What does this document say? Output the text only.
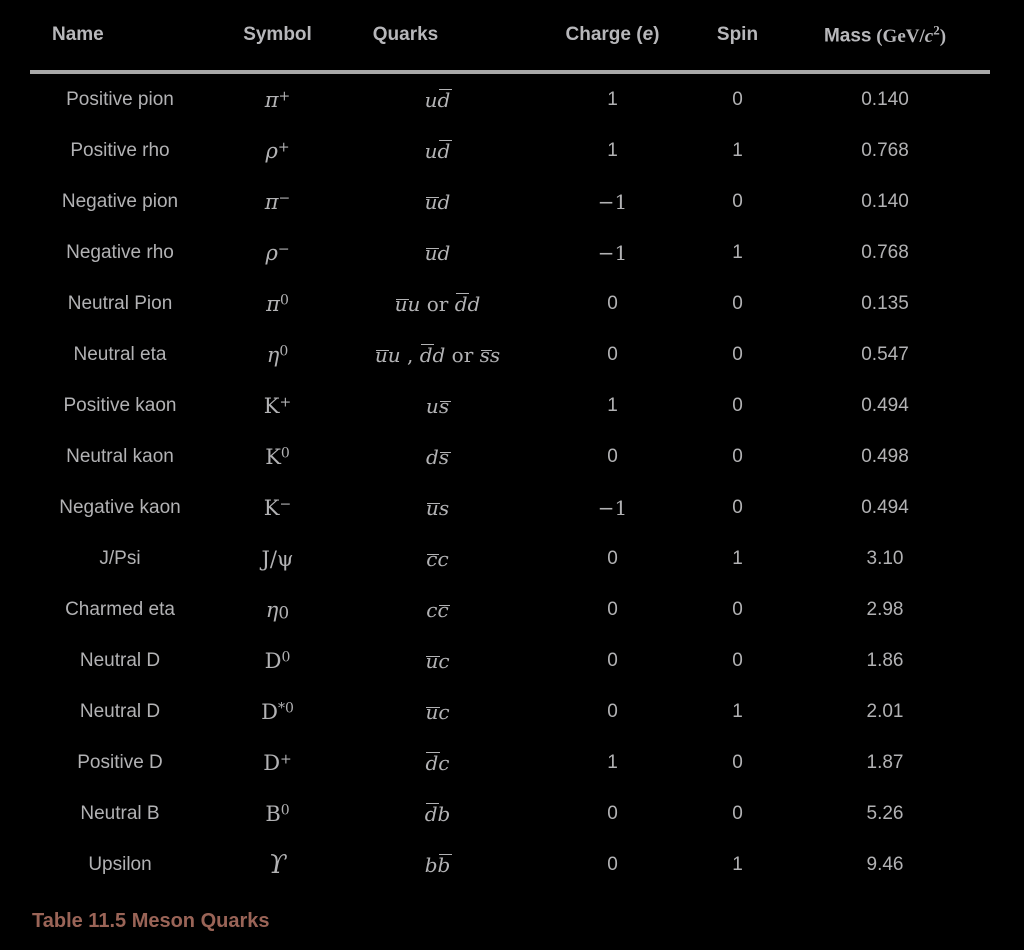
Name	Symbol	Quarks	Charge (e)	Spin	Mass $(GeV/c^2)$
Positive pion	π+	ud	1	0	0.140
Positive rho	ρ+	ud	1	1	0.768
Negative pion	π−	ud	−1	0	0.140
Negative rho	ρ−	ud	−1	1	0.768
Neutral Pion	$\pi^0$	uu or dd	0	0	0.135
Neutral eta	$\eta^0$	uu , dd or ss	0	0	0.547
Positive kaon	K+	us	1	0	0.494
Neutral kaon	$K^0$	ds	0	0	0.498
Negative kaon	K−	us	−1	0	0.494
J/Psi	J/ψ	cc	0	1	3.10
Charmed eta	$\eta_0$	cc	0	0	2.98
Neutral D	$D^0$	uc	0	0	1.86
Neutral D	$D^{*0}$	uc	0	1	2.01
Positive D	D+	dc	1	0	1.87
Neutral B	$B^0$	db	0	0	5.26
Upsilon	ϒ	bb	0	1	9.46
Table 11.5 Meson Quarks
